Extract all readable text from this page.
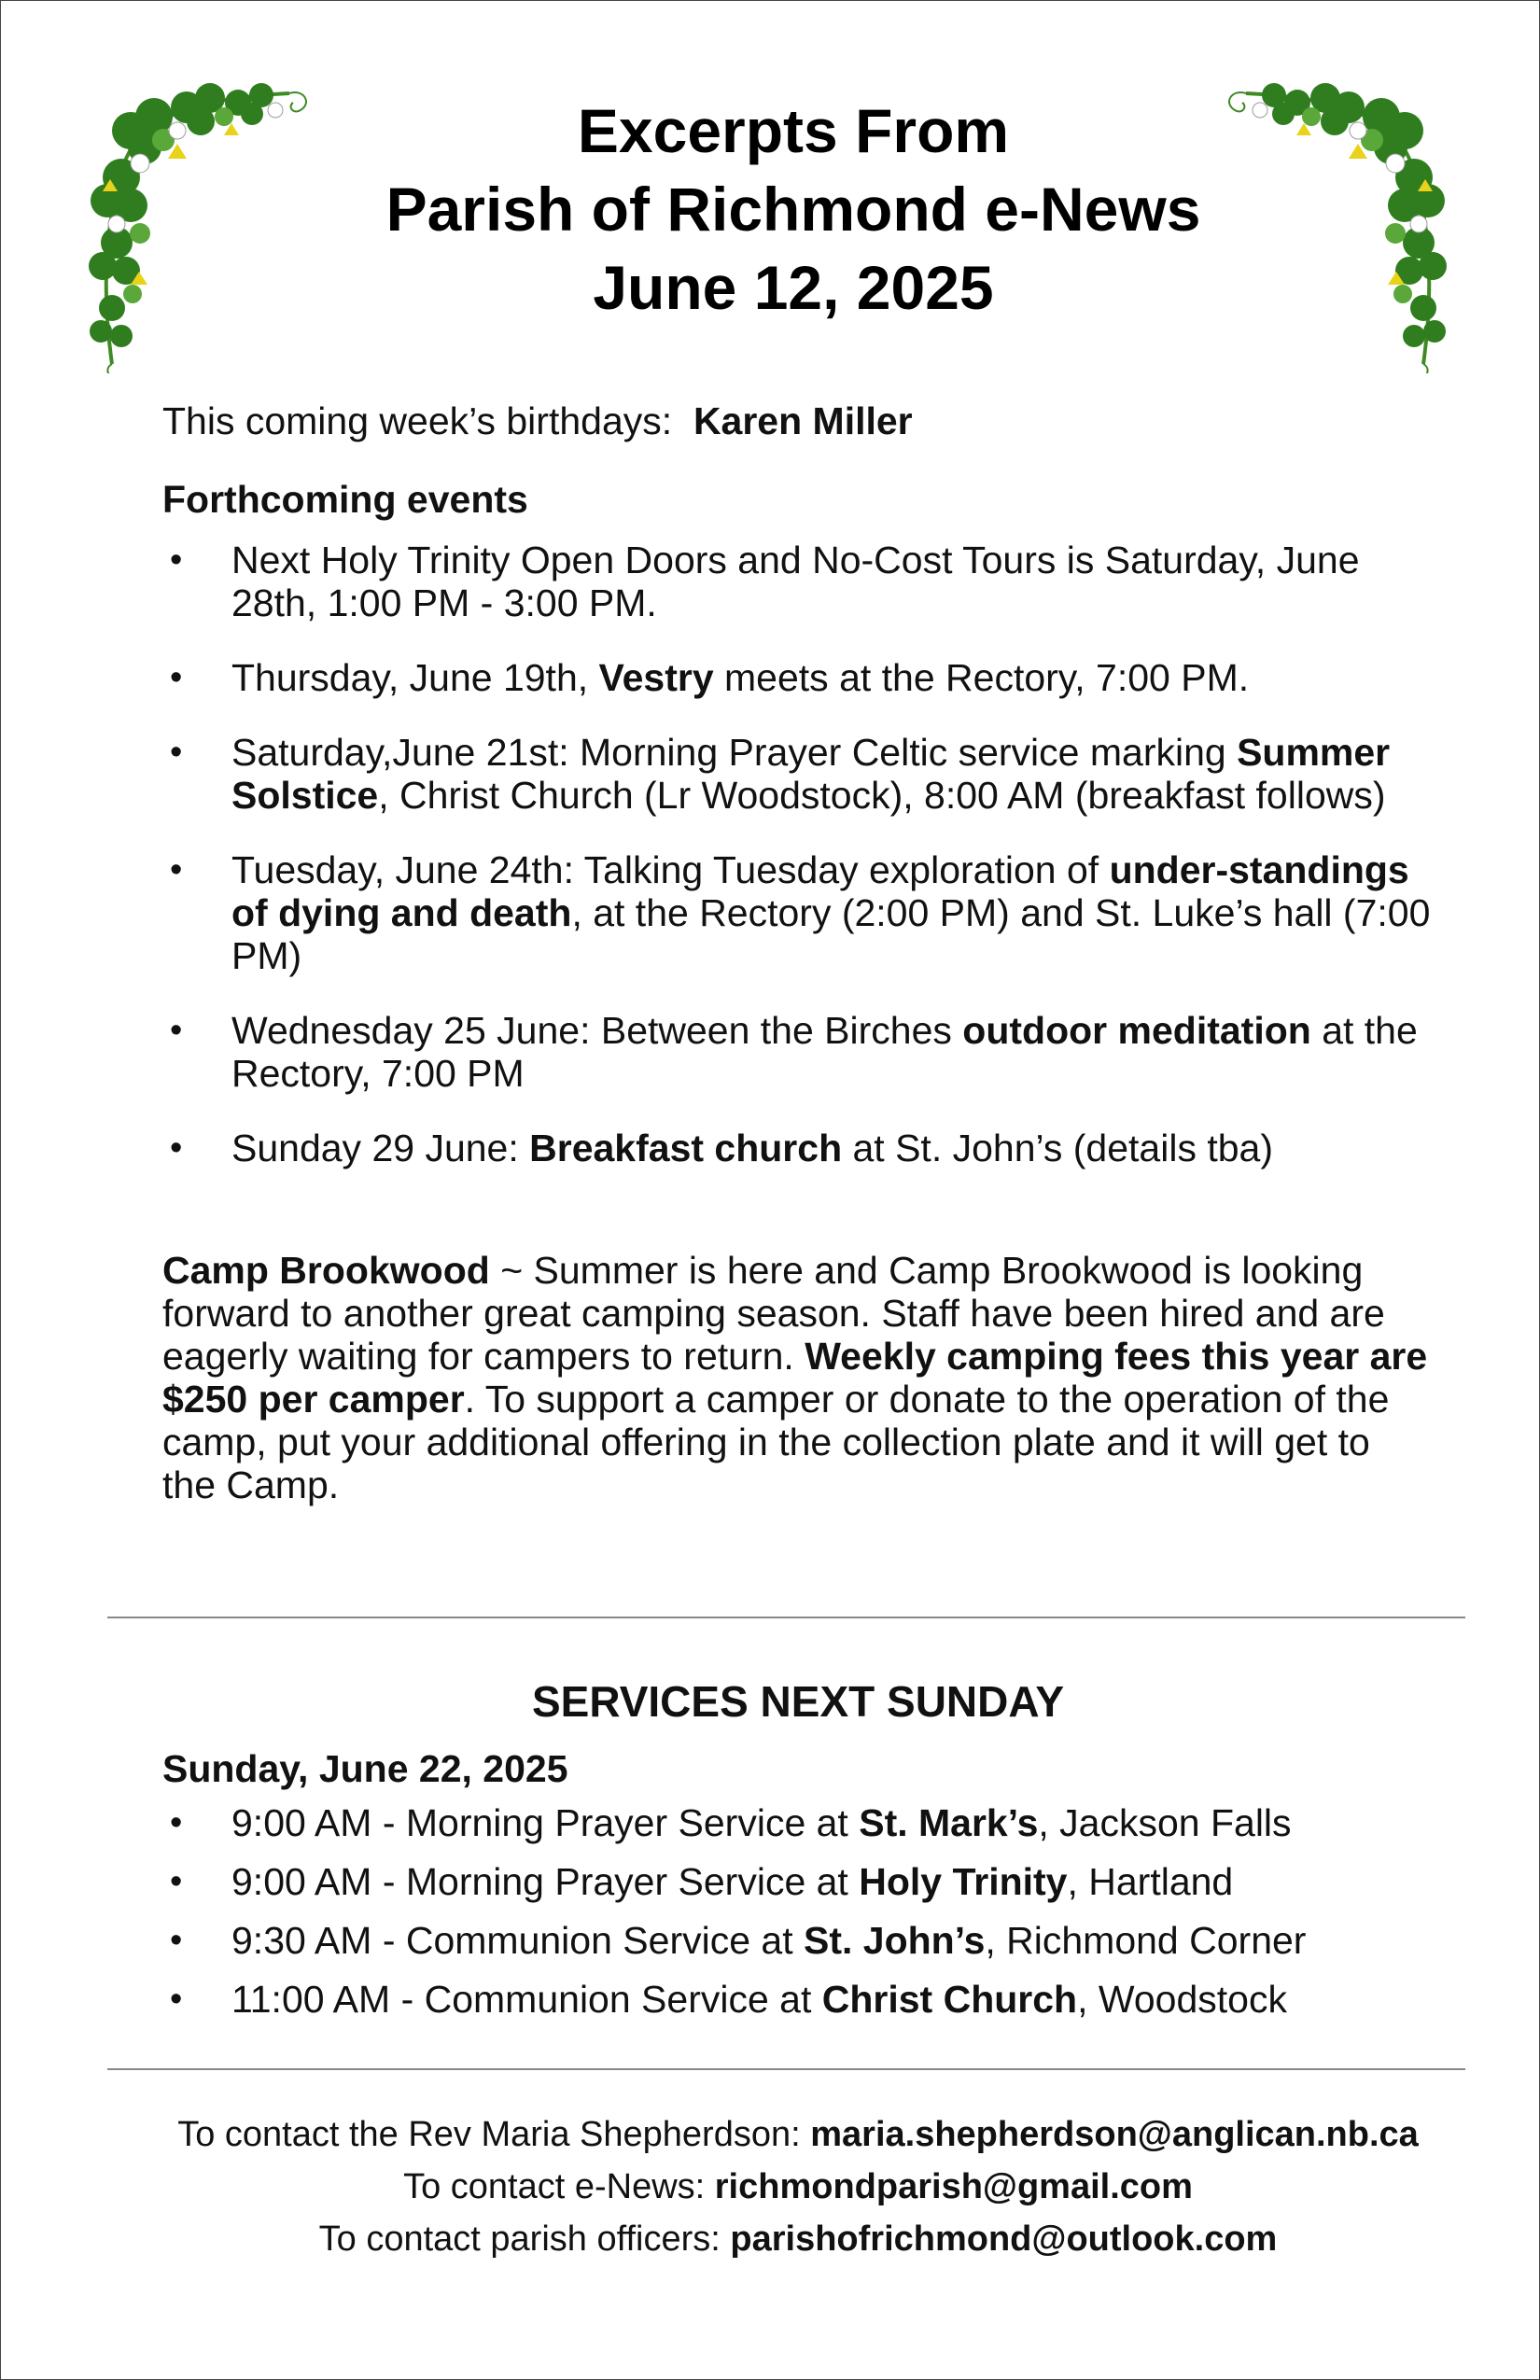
Excerpts From
Parish of Richmond e-News
June 12, 2025
This coming week’s birthdays: Karen Miller
Forthcoming events
• Next Holy Trinity Open Doors and No-Cost Tours is Saturday, June 28th, 1:00 PM - 3:00 PM.
• Thursday, June 19th, Vestry meets at the Rectory, 7:00 PM.
• Saturday,June 21st: Morning Prayer Celtic service marking Summer Solstice, Christ Church (Lr Woodstock), 8:00 AM (breakfast follows)
• Tuesday, June 24th: Talking Tuesday exploration of under-standings of dying and death, at the Rectory (2:00 PM) and St. Luke’s hall (7:00 PM)
• Wednesday 25 June: Between the Birches outdoor meditation at the Rectory, 7:00 PM
• Sunday 29 June: Breakfast church at St. John’s (details tba)
Camp Brookwood ~ Summer is here and Camp Brookwood is looking forward to another great camping season. Staff have been hired and are eagerly waiting for campers to return. Weekly camping fees this year are $250 per camper. To support a camper or donate to the operation of the camp, put your additional offering in the collection plate and it will get to the Camp.
SERVICES NEXT SUNDAY
Sunday, June 22, 2025
• 9:00 AM - Morning Prayer Service at St. Mark’s, Jackson Falls
• 9:00 AM - Morning Prayer Service at Holy Trinity, Hartland
• 9:30 AM - Communion Service at St. John’s, Richmond Corner
• 11:00 AM - Communion Service at Christ Church, Woodstock
To contact the Rev Maria Shepherdson: maria.shepherdson@anglican.nb.ca
To contact e-News: richmondparish@gmail.com
To contact parish officers: parishofrichmond@outlook.com
